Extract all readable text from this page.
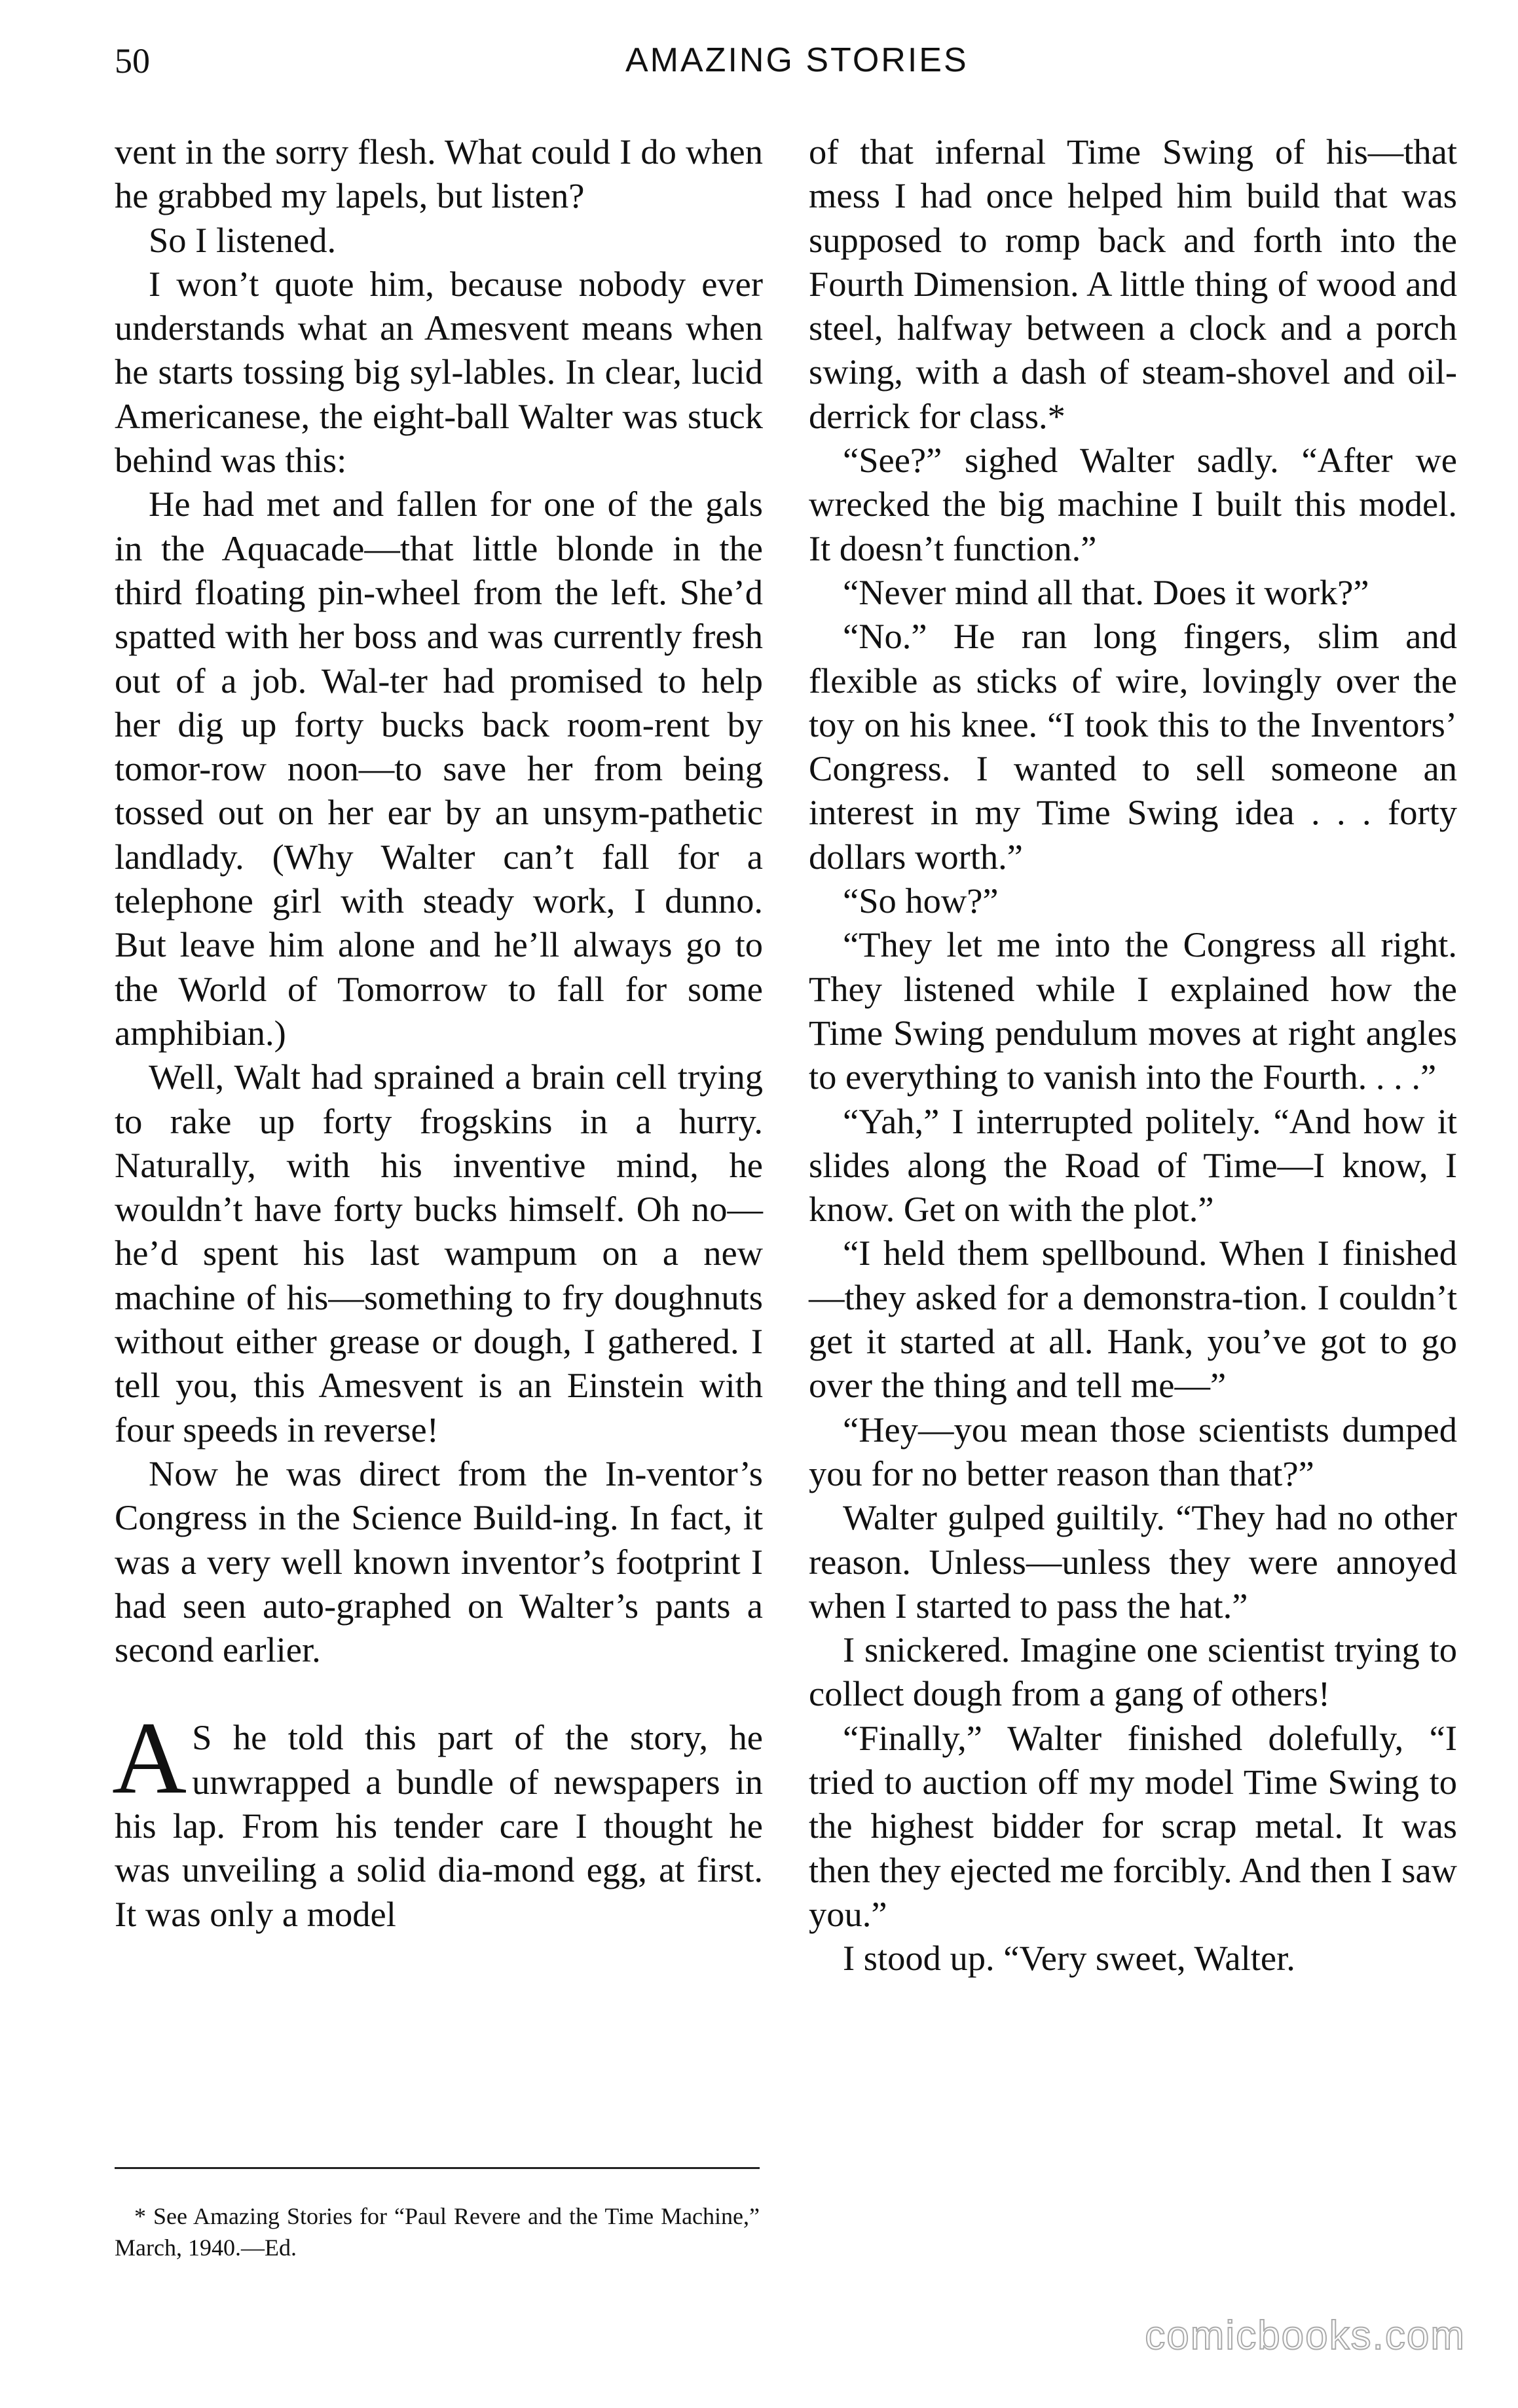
50	AMAZING STORIES

vent in the sorry flesh. What could I do when he grabbed my lapels, but listen?

So I listened.

I won’t quote him, because nobody ever understands what an Amesvent means when he starts tossing big syl-lables. In clear, lucid Americanese, the eight-ball Walter was stuck behind was this:

He had met and fallen for one of the gals in the Aquacade—that little blonde in the third floating pin-wheel from the left. She’d spatted with her boss and was currently fresh out of a job. Wal-ter had promised to help her dig up forty bucks back room-rent by tomor-row noon—to save her from being tossed out on her ear by an unsym-pathetic landlady. (Why Walter can’t fall for a telephone girl with steady work, I dunno. But leave him alone and he’ll always go to the World of Tomorrow to fall for some amphibian.)

Well, Walt had sprained a brain cell trying to rake up forty frogskins in a hurry. Naturally, with his inventive mind, he wouldn’t have forty bucks himself. Oh no—he’d spent his last wampum on a new machine of his—something to fry doughnuts without either grease or dough, I gathered. I tell you, this Amesvent is an Einstein with four speeds in reverse!

Now he was direct from the In-ventor’s Congress in the Science Build-ing. In fact, it was a very well known inventor’s footprint I had seen auto-graphed on Walter’s pants a second earlier.

A S he told this part of the story, he unwrapped a bundle of newspapers in his lap. From his tender care I thought he was unveiling a solid dia-mond egg, at first. It was only a model

of that infernal Time Swing of his—that mess I had once helped him build that was supposed to romp back and forth into the Fourth Dimension. A little thing of wood and steel, halfway between a clock and a porch swing, with a dash of steam-shovel and oil-derrick for class.*

“See?” sighed Walter sadly. “After we wrecked the big machine I built this model. It doesn’t function.”

“Never mind all that. Does it work?”

“No.” He ran long fingers, slim and flexible as sticks of wire, lovingly over the toy on his knee. “I took this to the Inventors’ Congress. I wanted to sell someone an interest in my Time Swing idea . . . forty dollars worth.”

“So how?”

“They let me into the Congress all right. They listened while I explained how the Time Swing pendulum moves at right angles to everything to vanish into the Fourth. . . .”

“Yah,” I interrupted politely. “And how it slides along the Road of Time—I know, I know. Get on with the plot.”

“I held them spellbound. When I finished—they asked for a demonstra-tion. I couldn’t get it started at all. Hank, you’ve got to go over the thing and tell me—”

“Hey—you mean those scientists dumped you for no better reason than that?”

Walter gulped guiltily. “They had no other reason. Unless—unless they were annoyed when I started to pass the hat.”

I snickered. Imagine one scientist trying to collect dough from a gang of others!

“Finally,” Walter finished dolefully, “I tried to auction off my model Time Swing to the highest bidder for scrap metal. It was then they ejected me forcibly. And then I saw you.”

I stood up. “Very sweet, Walter.

* See Amazing Stories for “Paul Revere and the Time Machine,” March, 1940.—Ed.

comicbooks.com
